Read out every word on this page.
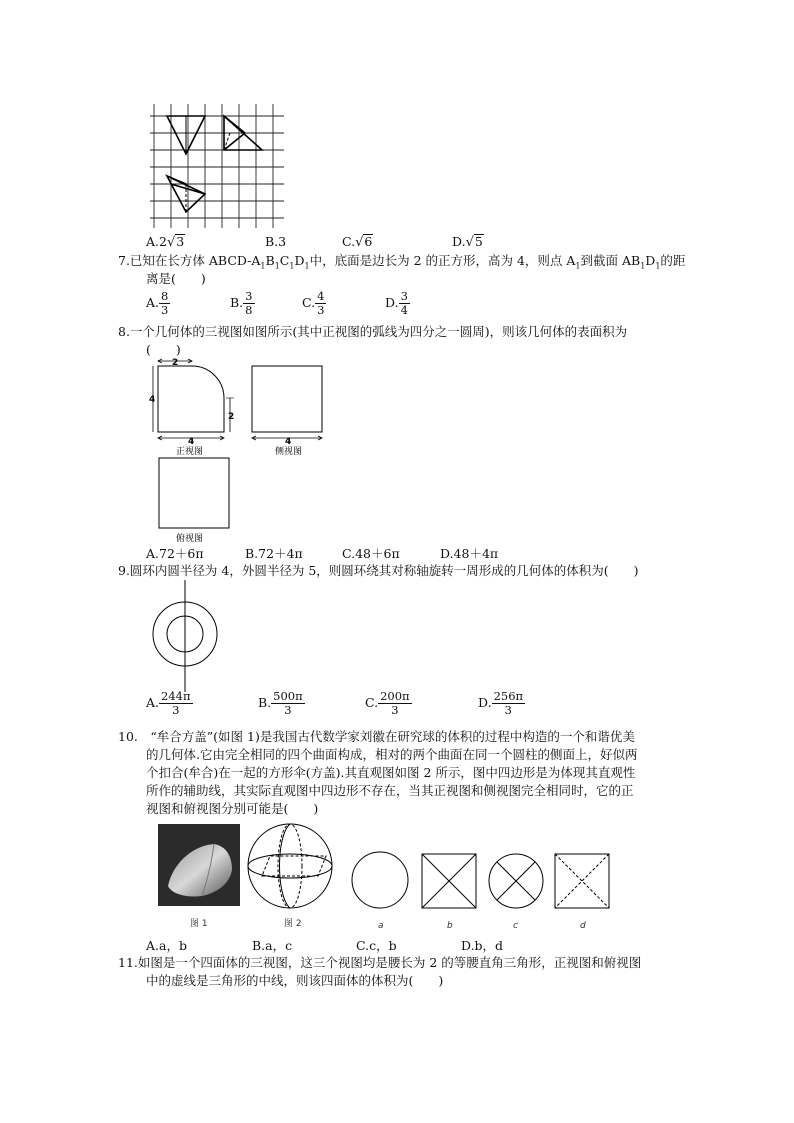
A.2√3	B.3	C.√6	D.√5
7.已知在长方体 ABCD-$A_1B_1C_1D_1$中，底面是边长为 2 的正方形，高为 4，则点 $A_1$到截面 $AB_1D_1$的距
离是(　　)
A. $\frac{8}{3}$	B. $\frac{3}{8}$	C. $\frac{4}{3}$	D. $\frac{3}{4}$
8.一个几何体的三视图如图所示(其中正视图的弧线为四分之一圆周)，则该几何体的表面积为
(　　)
2
4
2
4	4
正视图	侧视图
俯视图
A.72＋6π	B.72＋4π	C.48＋6π	D.48＋4π
9.圆环内圆半径为 4，外圆半径为 5，则圆环绕其对称轴旋转一周形成的几何体的体积为(　　)
A. $\frac{244\pi}{3}$	B. $\frac{500\pi}{3}$	C. $\frac{200\pi}{3}$	D. $\frac{256\pi}{3}$
10.　“牟合方盖”(如图 1)是我国古代数学家刘徽在研究球的体积的过程中构造的一个和谐优美
的几何体.它由完全相同的四个曲面构成，相对的两个曲面在同一个圆柱的侧面上，好似两
个扣合(牟合)在一起的方形伞(方盖).其直观图如图 2 所示，图中四边形是为体现其直观性
所作的辅助线，其实际直观图中四边形不存在，当其正视图和侧视图完全相同时，它的正
视图和俯视图分别可能是(　　)
图 1	图 2	a	b	c	d
A.a，b	B.a，c	C.c，b	D.b，d
11.如图是一个四面体的三视图，这三个视图均是腰长为 2 的等腰直角三角形，正视图和俯视图
中的虚线是三角形的中线，则该四面体的体积为(　　)
